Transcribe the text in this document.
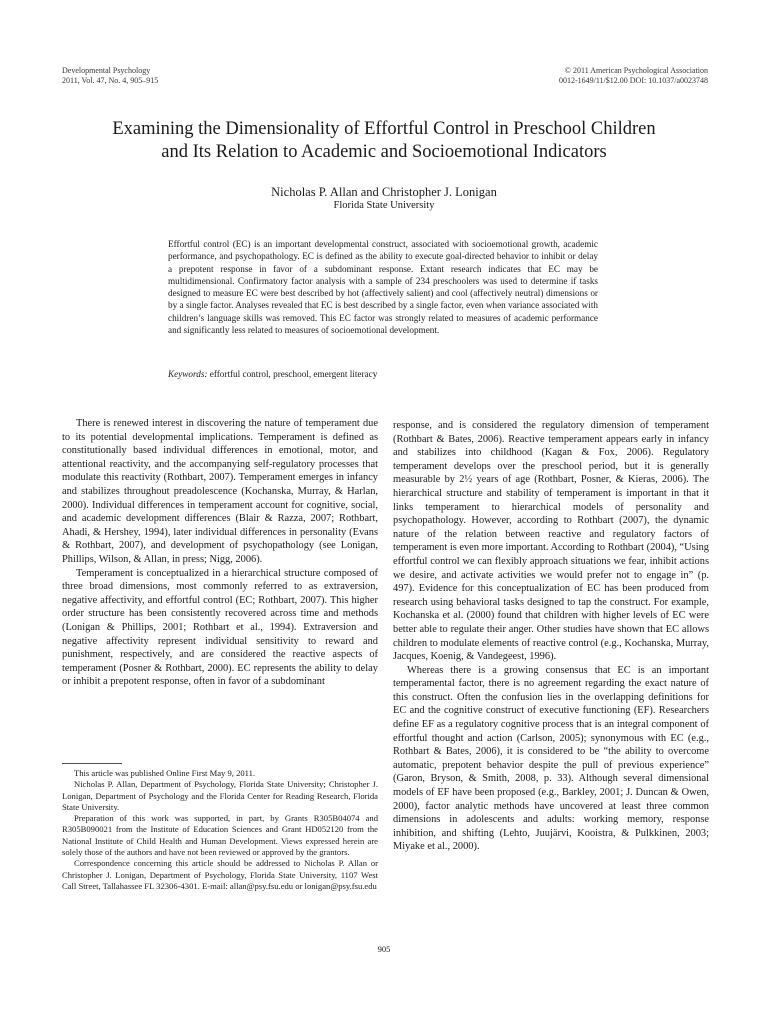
Developmental Psychology
2011, Vol. 47, No. 4, 905–915
© 2011 American Psychological Association
0012-1649/11/$12.00 DOI: 10.1037/a0023748
Examining the Dimensionality of Effortful Control in Preschool Children
and Its Relation to Academic and Socioemotional Indicators
Nicholas P. Allan and Christopher J. Lonigan
Florida State University

Effortful control (EC) is an important developmental construct, associated with socioemotional growth, academic performance, and psychopathology. EC is defined as the ability to execute goal-directed behavior to inhibit or delay a prepotent response in favor of a subdominant response. Extant research indicates that EC may be multidimensional. Confirmatory factor analysis with a sample of 234 preschoolers was used to determine if tasks designed to measure EC were best described by hot (affectively salient) and cool (affectively neutral) dimensions or by a single factor. Analyses revealed that EC is best described by a single factor, even when variance associated with children’s language skills was removed. This EC factor was strongly related to measures of academic performance and significantly less related to measures of socioemotional development.

Keywords: effortful control, preschool, emergent literacy

There is renewed interest in discovering the nature of temperament due to its potential developmental implications. Temperament is defined as constitutionally based individual differences in emotional, motor, and attentional reactivity, and the accompanying self-regulatory processes that modulate this reactivity (Rothbart, 2007). Temperament emerges in infancy and stabilizes throughout preadolescence (Kochanska, Murray, & Harlan, 2000). Individual differences in temperament account for cognitive, social, and academic development differences (Blair & Razza, 2007; Rothbart, Ahadi, & Hershey, 1994), later individual differences in personality (Evans & Rothbart, 2007), and development of psychopathology (see Lonigan, Phillips, Wilson, & Allan, in press; Nigg, 2006).

Temperament is conceptualized in a hierarchical structure composed of three broad dimensions, most commonly referred to as extraversion, negative affectivity, and effortful control (EC; Rothbart, 2007). This higher order structure has been consistently recovered across time and methods (Lonigan & Phillips, 2001; Rothbart et al., 1994). Extraversion and negative affectivity represent individual sensitivity to reward and punishment, respectively, and are considered the reactive aspects of temperament (Posner & Rothbart, 2000). EC represents the ability to delay or inhibit a prepotent response, often in favor of a subdominant

response, and is considered the regulatory dimension of temperament (Rothbart & Bates, 2006). Reactive temperament appears early in infancy and stabilizes into childhood (Kagan & Fox, 2006). Regulatory temperament develops over the preschool period, but it is generally measurable by 2½ years of age (Rothbart, Posner, & Kieras, 2006). The hierarchical structure and stability of temperament is important in that it links temperament to hierarchical models of personality and psychopathology. However, according to Rothbart (2007), the dynamic nature of the relation between reactive and regulatory factors of temperament is even more important. According to Rothbart (2004), “Using effortful control we can flexibly approach situations we fear, inhibit actions we desire, and activate activities we would prefer not to engage in” (p. 497). Evidence for this conceptualization of EC has been produced from research using behavioral tasks designed to tap the construct. For example, Kochanska et al. (2000) found that children with higher levels of EC were better able to regulate their anger. Other studies have shown that EC allows children to modulate elements of reactive control (e.g., Kochanska, Murray, Jacques, Koenig, & Vandegeest, 1996).

Whereas there is a growing consensus that EC is an important temperamental factor, there is no agreement regarding the exact nature of this construct. Often the confusion lies in the overlapping definitions for EC and the cognitive construct of executive functioning (EF). Researchers define EF as a regulatory cognitive process that is an integral component of effortful thought and action (Carlson, 2005); synonymous with EC (e.g., Rothbart & Bates, 2006), it is considered to be “the ability to overcome automatic, prepotent behavior despite the pull of previous experience” (Garon, Bryson, & Smith, 2008, p. 33). Although several dimensional models of EF have been proposed (e.g., Barkley, 2001; J. Duncan & Owen, 2000), factor analytic methods have uncovered at least three common dimensions in adolescents and adults: working memory, response inhibition, and shifting (Lehto, Juujärvi, Kooistra, & Pulkkinen, 2003; Miyake et al., 2000).

This article was published Online First May 9, 2011.

Nicholas P. Allan, Department of Psychology, Florida State University; Christopher J. Lonigan, Department of Psychology and the Florida Center for Reading Research, Florida State University.

Preparation of this work was supported, in part, by Grants R305B04074 and R305B090021 from the Institute of Education Sciences and Grant HD052120 from the National Institute of Child Health and Human Development. Views expressed herein are solely those of the authors and have not been reviewed or approved by the grantors.

Correspondence concerning this article should be addressed to Nicholas P. Allan or Christopher J. Lonigan, Department of Psychology, Florida State University, 1107 West Call Street, Tallahassee FL 32306-4301. E-mail: allan@psy.fsu.edu or lonigan@psy.fsu.edu

905
